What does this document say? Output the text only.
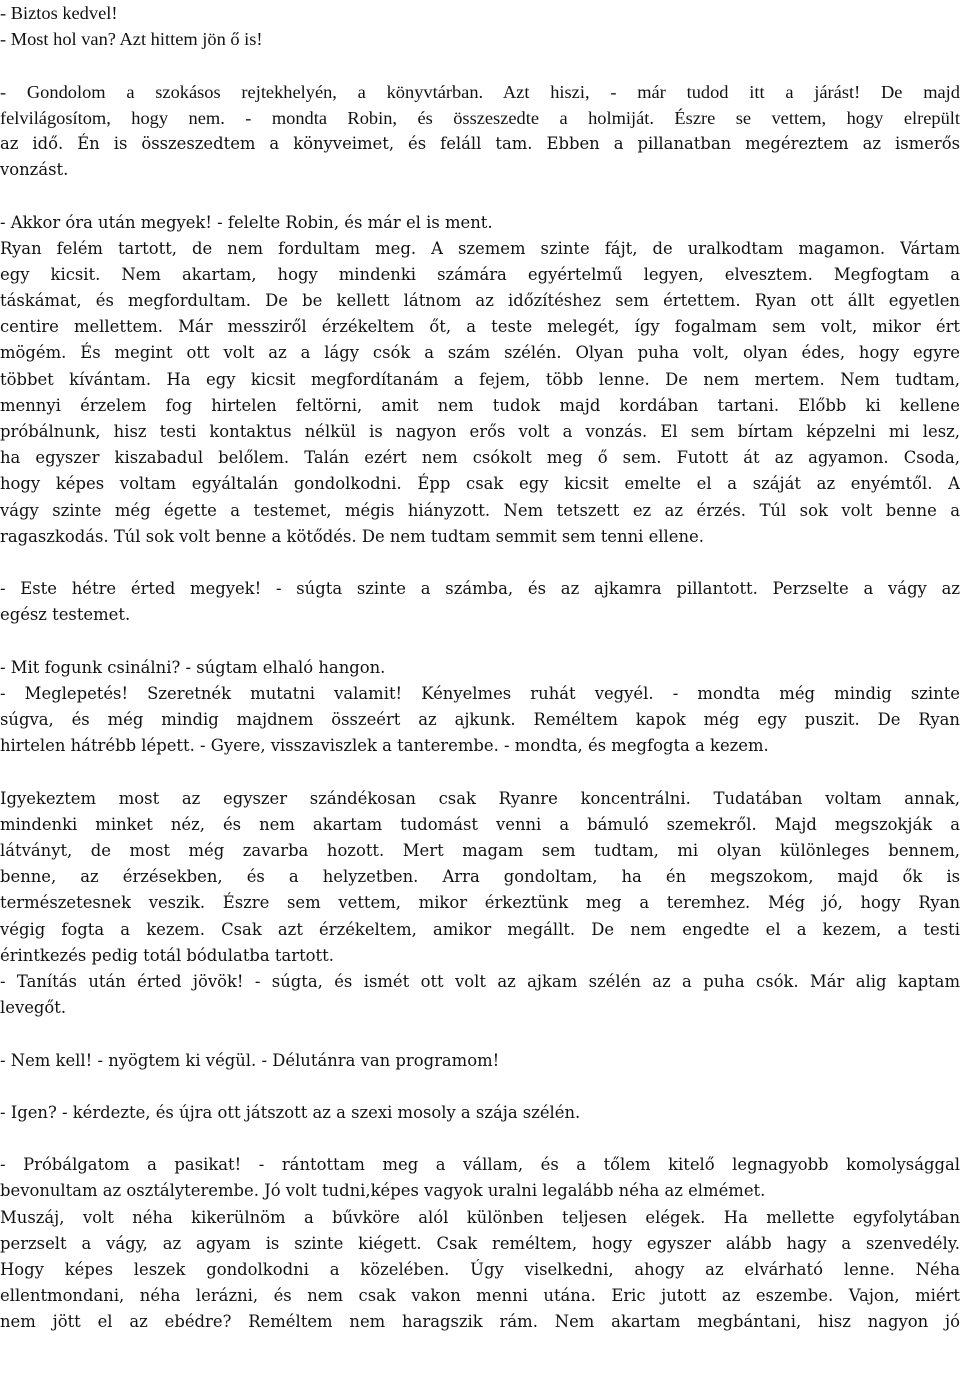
- Biztos kedvel!
- Most hol van? Azt hittem jön ő is!
- Gondolom a szokásos rejtekhelyén, a könyvtárban. Azt hiszi, - már tudod itt a járást! De majd
felvilágosítom, hogy nem. - mondta Robin, és összeszedte a holmiját. Észre se vettem, hogy elrepült
az idő. Én is összeszedtem a könyveimet, és feláll tam. Ebben a pillanatban megéreztem az ismerős
vonzást.
- Akkor óra után megyek! - felelte Robin, és már el is ment.
Ryan felém tartott, de nem fordultam meg. A szemem szinte fájt, de uralkodtam magamon. Vártam
egy kicsit. Nem akartam, hogy mindenki számára egyértelmű legyen, elvesztem. Megfogtam a
táskámat, és megfordultam. De be kellett látnom az időzítéshez sem értettem. Ryan ott állt egyetlen
centire mellettem. Már messziről érzékeltem őt, a teste melegét, így fogalmam sem volt, mikor ért
mögém. És megint ott volt az a lágy csók a szám szélén. Olyan puha volt, olyan édes, hogy egyre
többet kívántam. Ha egy kicsit megfordítanám a fejem, több lenne. De nem mertem. Nem tudtam,
mennyi érzelem fog hirtelen feltörni, amit nem tudok majd kordában tartani. Előbb ki kellene
próbálnunk, hisz testi kontaktus nélkül is nagyon erős volt a vonzás. El sem bírtam képzelni mi lesz,
ha egyszer kiszabadul belőlem. Talán ezért nem csókolt meg ő sem. Futott át az agyamon. Csoda,
hogy képes voltam egyáltalán gondolkodni. Épp csak egy kicsit emelte el a száját az enyémtől. A
vágy szinte még égette a testemet, mégis hiányzott. Nem tetszett ez az érzés. Túl sok volt benne a
ragaszkodás. Túl sok volt benne a kötődés. De nem tudtam semmit sem tenni ellene.
- Este hétre érted megyek! - súgta szinte a számba, és az ajkamra pillantott. Perzselte a vágy az
egész testemet.
- Mit fogunk csinálni? - súgtam elhaló hangon.
- Meglepetés! Szeretnék mutatni valamit! Kényelmes ruhát vegyél. - mondta még mindig szinte
súgva, és még mindig majdnem összeért az ajkunk. Reméltem kapok még egy puszit. De Ryan
hirtelen hátrébb lépett. - Gyere, visszaviszlek a tanterembe. - mondta, és megfogta a kezem.
Igyekeztem most az egyszer szándékosan csak Ryanre koncentrálni. Tudatában voltam annak,
mindenki minket néz, és nem akartam tudomást venni a bámuló szemekről. Majd megszokják a
látványt, de most még zavarba hozott. Mert magam sem tudtam, mi olyan különleges bennem,
benne, az érzésekben, és a helyzetben. Arra gondoltam, ha én megszokom, majd ők is
természetesnek veszik. Észre sem vettem, mikor érkeztünk meg a teremhez. Még jó, hogy Ryan
végig fogta a kezem. Csak azt érzékeltem, amikor megállt. De nem engedte el a kezem, a testi
érintkezés pedig totál bódulatba tartott.
- Tanítás után érted jövök! - súgta, és ismét ott volt az ajkam szélén az a puha csók. Már alig kaptam
levegőt.
- Nem kell! - nyögtem ki végül. - Délutánra van programom!
- Igen? - kérdezte, és újra ott játszott az a szexi mosoly a szája szélén.
- Próbálgatom a pasikat! - rántottam meg a vállam, és a tőlem kitelő legnagyobb komolysággal
bevonultam az osztályterembe. Jó volt tudni,képes vagyok uralni legalább néha az elmémet.
Muszáj, volt néha kikerülnöm a bűvköre alól különben teljesen elégek. Ha mellette egyfolytában
perzselt a vágy, az agyam is szinte kiégett. Csak reméltem, hogy egyszer alább hagy a szenvedély.
Hogy képes leszek gondolkodni a közelében. Úgy viselkedni, ahogy az elvárható lenne. Néha
ellentmondani, néha lerázni, és nem csak vakon menni utána. Eric jutott az eszembe. Vajon, miért
nem jött el az ebédre? Reméltem nem haragszik rám. Nem akartam megbántani, hisz nagyon jó
